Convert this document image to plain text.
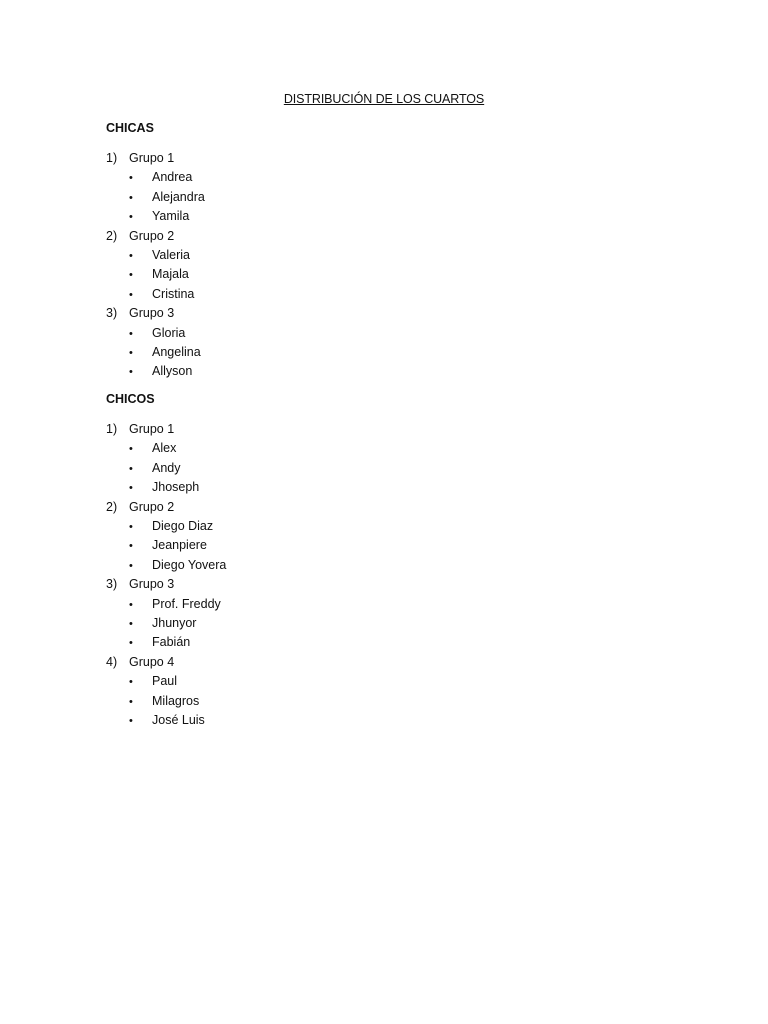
DISTRIBUCIÓN DE LOS CUARTOS
CHICAS
1) Grupo 1
• Andrea
• Alejandra
• Yamila
2) Grupo 2
• Valeria
• Majala
• Cristina
3) Grupo 3
• Gloria
• Angelina
• Allyson
CHICOS
1) Grupo 1
• Alex
• Andy
• Jhoseph
2) Grupo 2
• Diego Diaz
• Jeanpiere
• Diego Yovera
3) Grupo 3
• Prof. Freddy
• Jhunyor
• Fabián
4) Grupo 4
• Paul
• Milagros
• José Luis
